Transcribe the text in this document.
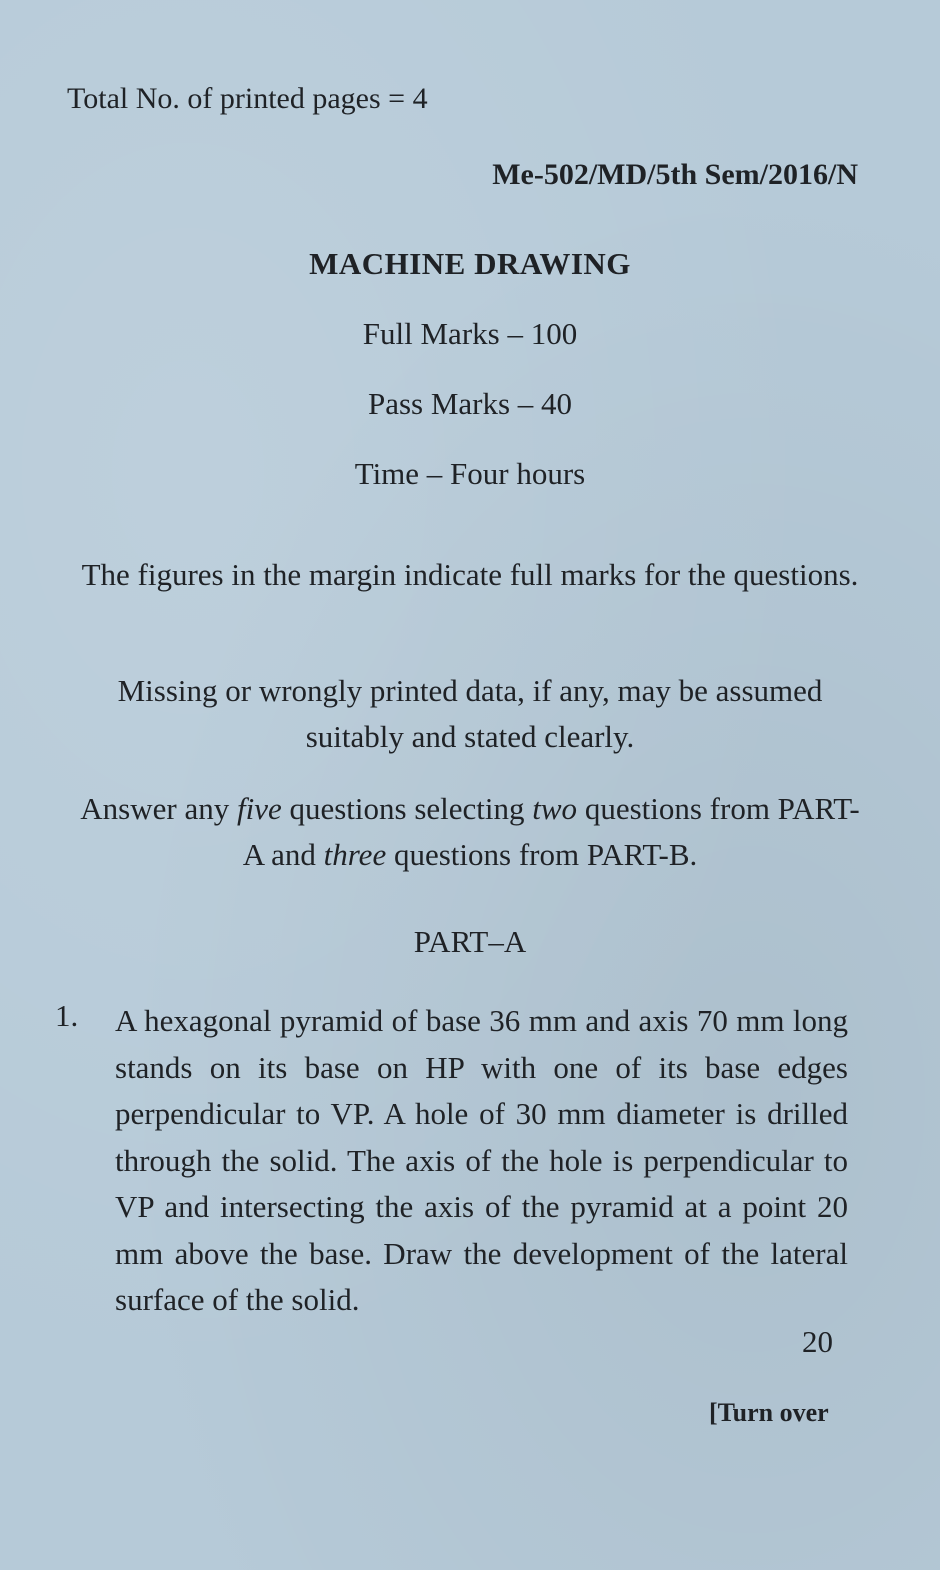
Total No. of printed pages = 4
Me-502/MD/5th Sem/2016/N
MACHINE DRAWING
Full Marks – 100
Pass Marks – 40
Time – Four hours
The figures in the margin indicate full marks for the questions.
Missing or wrongly printed data, if any, may be assumed suitably and stated clearly.
Answer any five questions selecting two questions from PART-A and three questions from PART-B.
PART–A
1. A hexagonal pyramid of base 36 mm and axis 70 mm long stands on its base on HP with one of its base edges perpendicular to VP. A hole of 30 mm diameter is drilled through the solid. The axis of the hole is perpendicular to VP and intersecting the axis of the pyramid at a point 20 mm above the base. Draw the development of the lateral surface of the solid.
20
[Turn over
